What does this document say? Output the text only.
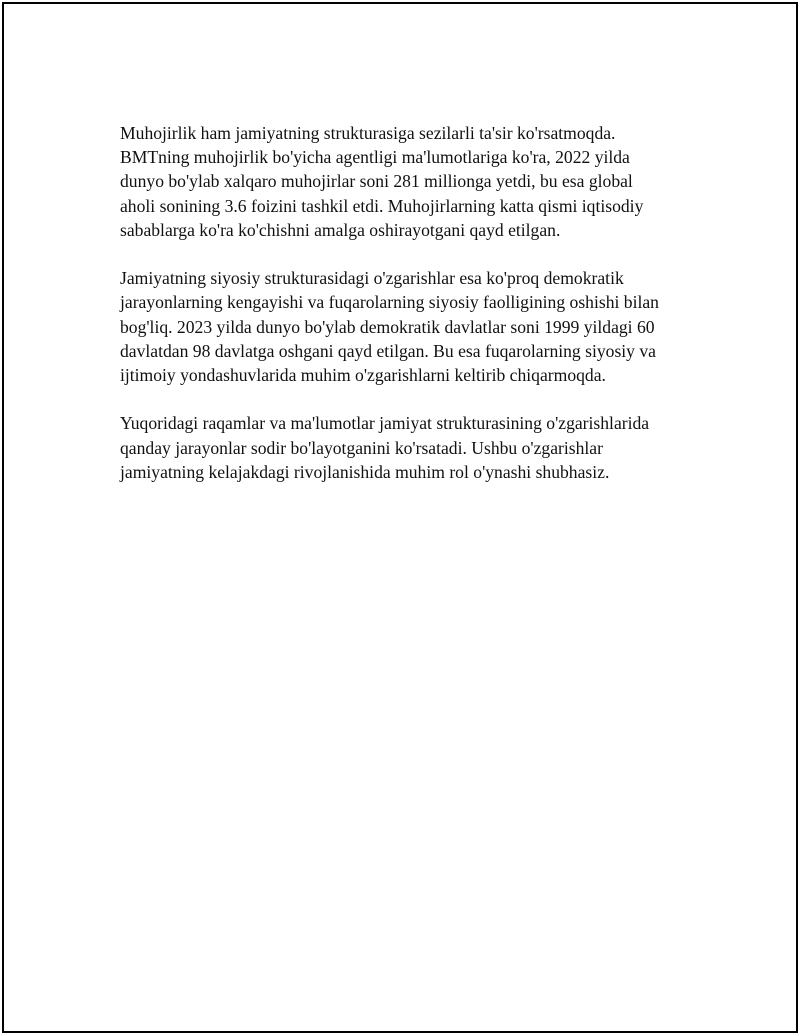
Muhojirlik ham jamiyatning strukturasiga sezilarli ta'sir ko'rsatmoqda.
BMTning muhojirlik bo'yicha agentligi ma'lumotlariga ko'ra, 2022 yilda
dunyo bo'ylab xalqaro muhojirlar soni 281 millionga yetdi, bu esa global
aholi sonining 3.6 foizini tashkil etdi. Muhojirlarning katta qismi iqtisodiy
sabablarga ko'ra ko'chishni amalga oshirayotgani qayd etilgan.

Jamiyatning siyosiy strukturasidagi o'zgarishlar esa ko'proq demokratik
jarayonlarning kengayishi va fuqarolarning siyosiy faolligining oshishi bilan
bog'liq. 2023 yilda dunyo bo'ylab demokratik davlatlar soni 1999 yildagi 60
davlatdan 98 davlatga oshgani qayd etilgan. Bu esa fuqarolarning siyosiy va
ijtimoiy yondashuvlarida muhim o'zgarishlarni keltirib chiqarmoqda.

Yuqoridagi raqamlar va ma'lumotlar jamiyat strukturasining o'zgarishlarida
qanday jarayonlar sodir bo'layotganini ko'rsatadi. Ushbu o'zgarishlar
jamiyatning kelajakdagi rivojlanishida muhim rol o'ynashi shubhasiz.
